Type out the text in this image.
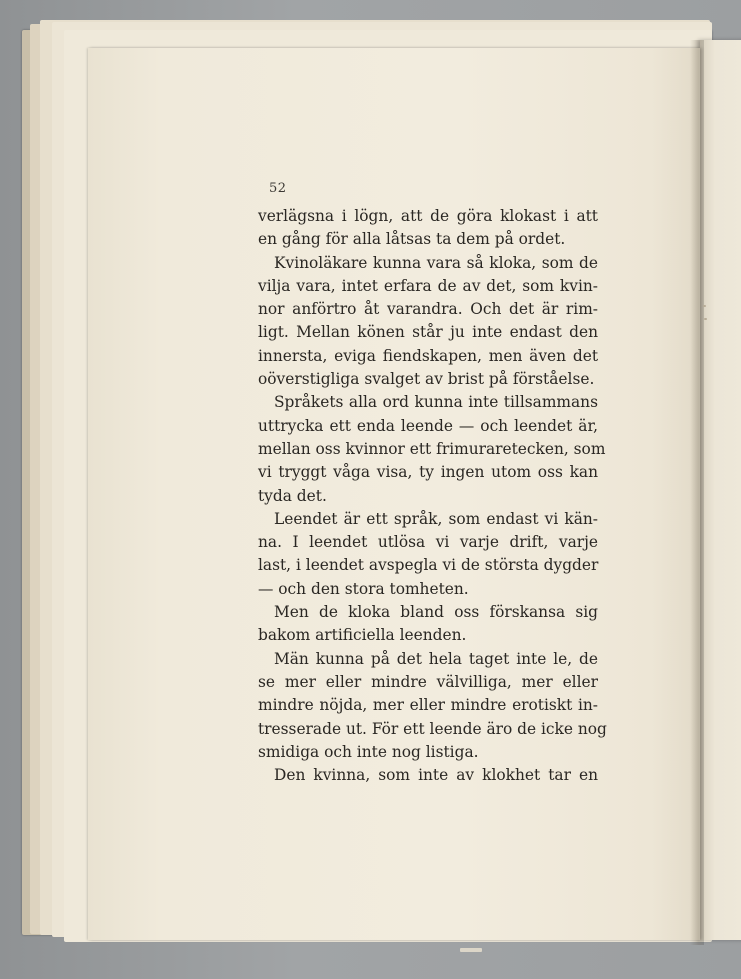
52
verlägsna i lögn, att de göra klokast i att
en gång för alla låtsas ta dem på ordet.
Kvinoläkare kunna vara så kloka, som de
vilja vara, intet erfara de av det, som kvin-
nor anförtro åt varandra. Och det är rim-
ligt. Mellan könen står ju inte endast den
innersta, eviga fiendskapen, men även det
oöverstigliga svalget av brist på förståelse.
Språkets alla ord kunna inte tillsammans
uttrycka ett enda leende — och leendet är,
mellan oss kvinnor ett frimuraretecken, som
vi tryggt våga visa, ty ingen utom oss kan
tyda det.
Leendet är ett språk, som endast vi kän-
na. I leendet utlösa vi varje drift, varje
last, i leendet avspegla vi de största dygder
— och den stora tomheten.
Men de kloka bland oss förskansa sig
bakom artificiella leenden.
Män kunna på det hela taget inte le, de
se mer eller mindre välvilliga, mer eller
mindre nöjda, mer eller mindre erotiskt in-
tresserade ut. För ett leende äro de icke nog
smidiga och inte nog listiga.
Den kvinna, som inte av klokhet tar en
